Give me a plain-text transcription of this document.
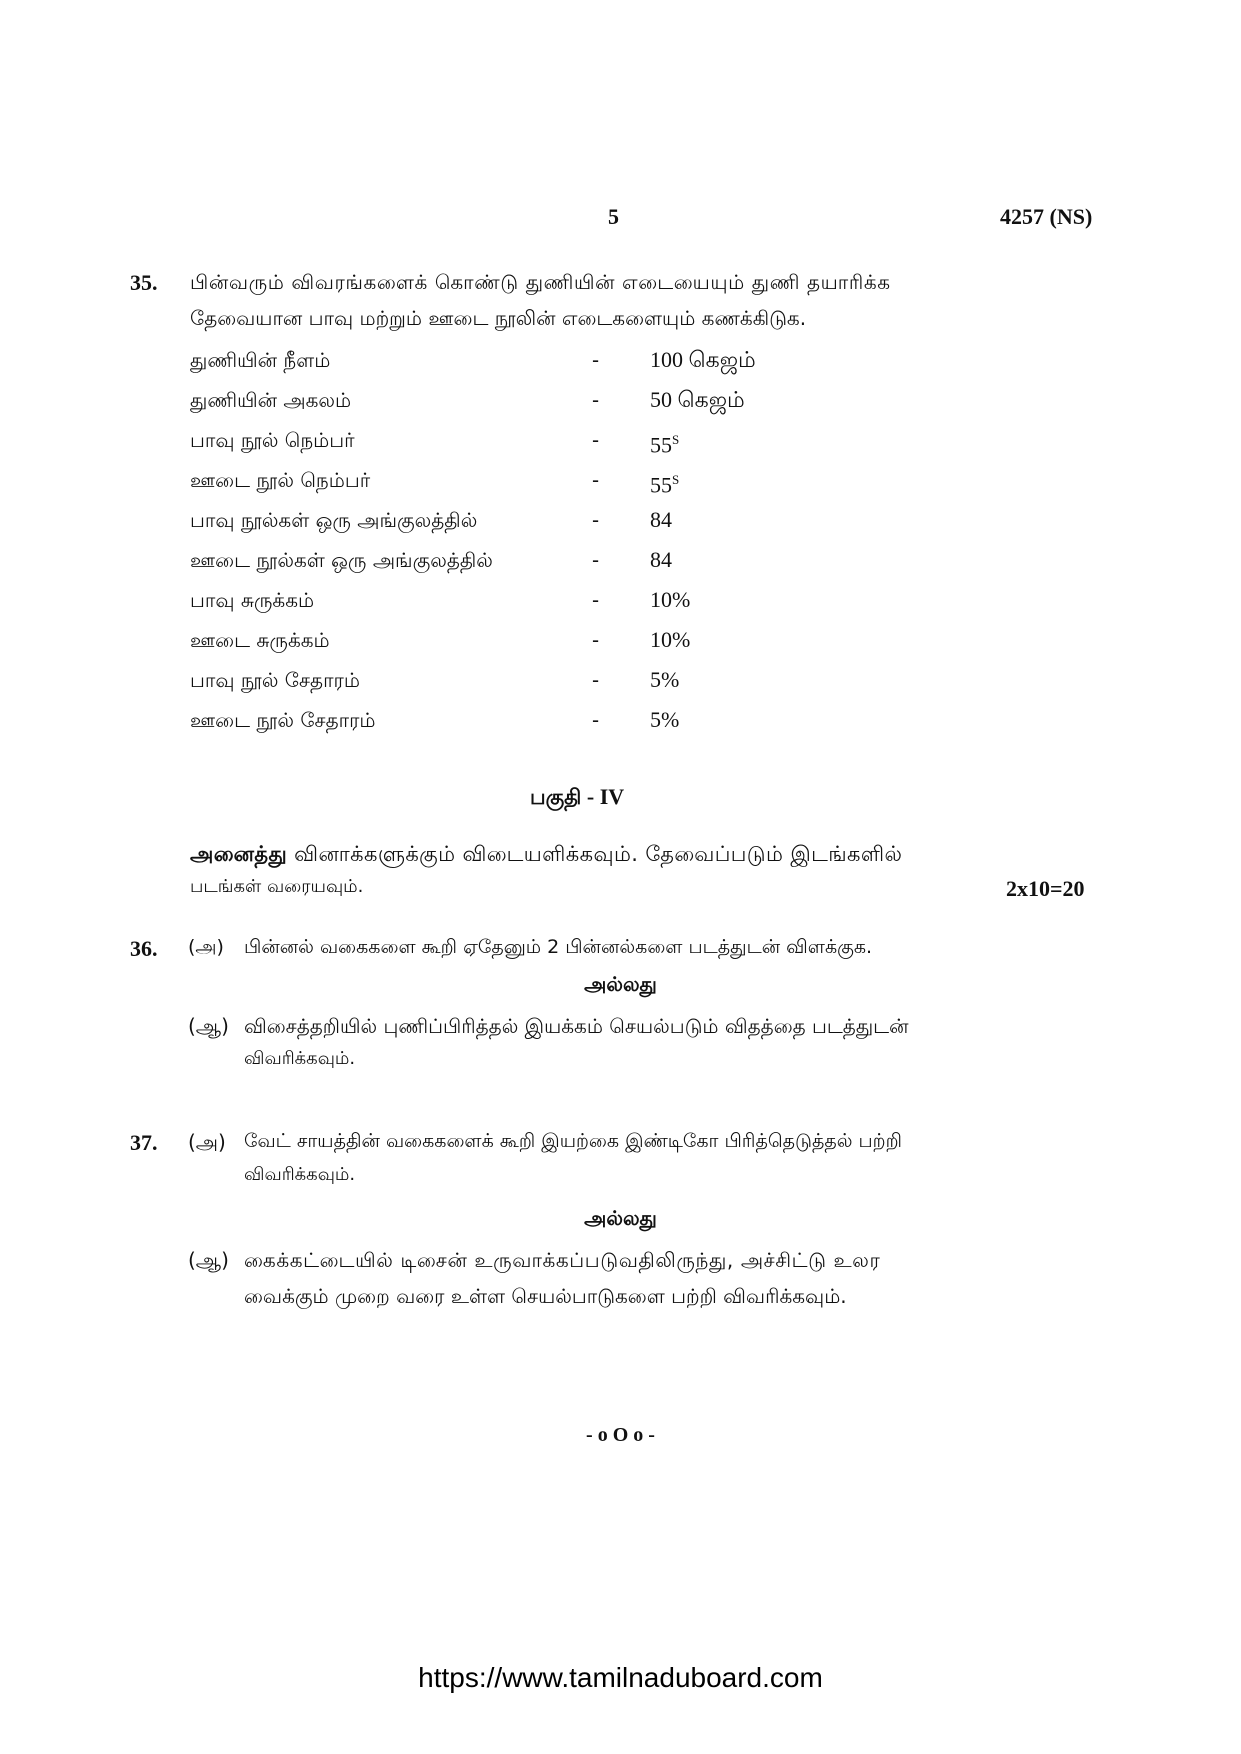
5	4257 (NS)
35. பின்வரும் விவரங்களைக் கொண்டு துணியின் எடையையும் துணி தயாரிக்க
தேவையான பாவு மற்றும் ஊடை நூலின் எடைகளையும் கணக்கிடுக.
துணியின் நீளம்	- 100 கெஜம்
துணியின் அகலம்	- 50 கெஜம்
பாவு நூல் நெம்பர்	- $55^S$
ஊடை நூல் நெம்பர்	- $55^S$
பாவு நூல்கள் ஒரு அங்குலத்தில்	- 84
ஊடை நூல்கள் ஒரு அங்குலத்தில்	- 84
பாவு சுருக்கம்	- 10%
ஊடை சுருக்கம்	- 10%
பாவு நூல் சேதாரம்	- 5%
ஊடை நூல் சேதாரம்	- 5%
பகுதி - IV
அனைத்து வினாக்களுக்கும் விடையளிக்கவும். தேவைப்படும் இடங்களில்
படங்கள் வரையவும்.	2x10=20
36. (அ) பின்னல் வகைகளை கூறி ஏதேனும் 2 பின்னல்களை படத்துடன் விளக்குக.
அல்லது
(ஆ) விசைத்தறியில் புணிப்பிரித்தல் இயக்கம் செயல்படும் விதத்தை படத்துடன்
விவரிக்கவும்.
37. (அ) வேட் சாயத்தின் வகைகளைக் கூறி இயற்கை இண்டிகோ பிரித்தெடுத்தல் பற்றி
விவரிக்கவும்.
அல்லது
(ஆ) கைக்கட்டையில் டிசைன் உருவாக்கப்படுவதிலிருந்து, அச்சிட்டு உலர
வைக்கும் முறை வரை உள்ள செயல்பாடுகளை பற்றி விவரிக்கவும்.
- o O o -
https://www.tamilnaduboard.com
